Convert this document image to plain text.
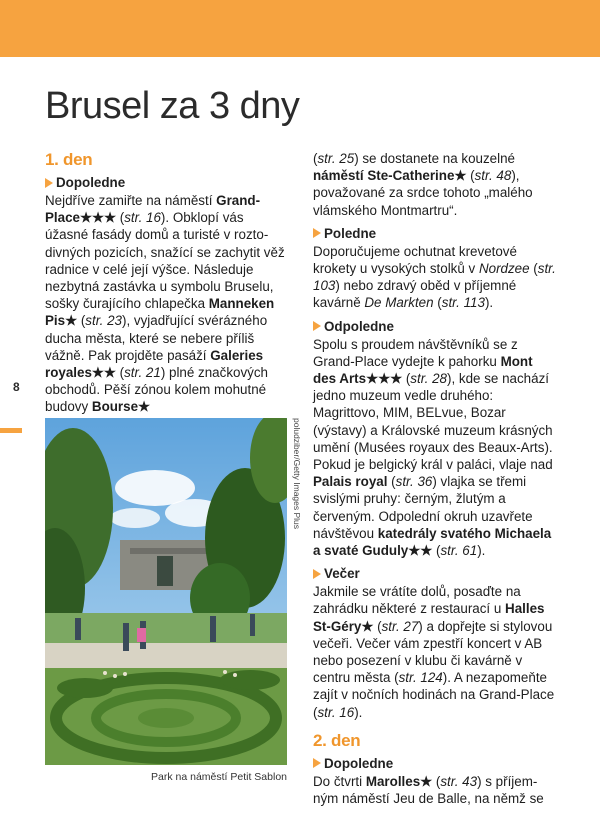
Brusel za 3 dny
8
1. den
Dopoledne

Nejdříve zamiřte na náměstí Grand-Place★★★ (str. 16). Obklopí vás úžasné fasády domů a turisté v roztodivných pozicích, snažící se zachytit věž radnice v celé její výšce. Následuje nezbytná zastávka u symbolu Bruselu, sošky čurajícího chlapečka Manneken Pis★ (str. 23), vyjadřující svérázného ducha města, které se nebere příliš vážně. Pak projděte pasáží Galeries royales★★ (str. 21) plné značkových obchodů. Pěší zónou kolem mohutné budovy Bourse★

poludziber/Getty Images Plus
Park na náměstí Petit Sablon

(str. 25) se dostanete na kouzelné náměstí Ste-Catherine★ (str. 48), považované za srdce tohoto „malého vlámského Montmartru“.

Poledne

Doporučujeme ochutnat krevetové krokety u vysokých stolků v Nordzee (str. 103) nebo zdravý oběd v příjemné kavárně De Markten (str. 113).

Odpoledne

Spolu s proudem návštěvníků se z Grand-Place vydejte k pahorku Mont des Arts★★★ (str. 28), kde se nachází jedno muzeum vedle druhého: Magrittovo, MIM, BELvue, Bozar (výstavy) a Královské muzeum krásných umění (Musées royaux des Beaux-Arts). Pokud je belgický král v paláci, vlaje nad Palais royal (str. 36) vlajka se třemi svislými pruhy: černým, žlutým a červeným. Odpolední okruh uzavřete návštěvou katedrály svatého Michaela a svaté Guduly★★ (str. 61).

Večer

Jakmile se vrátíte dolů, posaďte na zahrádku některé z restaurací u Halles St-Géry★ (str. 27) a dopřejte si stylovou večeři. Večer vám zpestří koncert v AB nebo posezení v klubu či kavárně v centru města (str. 124). A nezapomeňte zajít v nočních hodinách na Grand-Place (str. 16).

2. den
Dopoledne

Do čtvrti Marolles★ (str. 43) s příjemným náměstí Jeu de Balle, na němž se
